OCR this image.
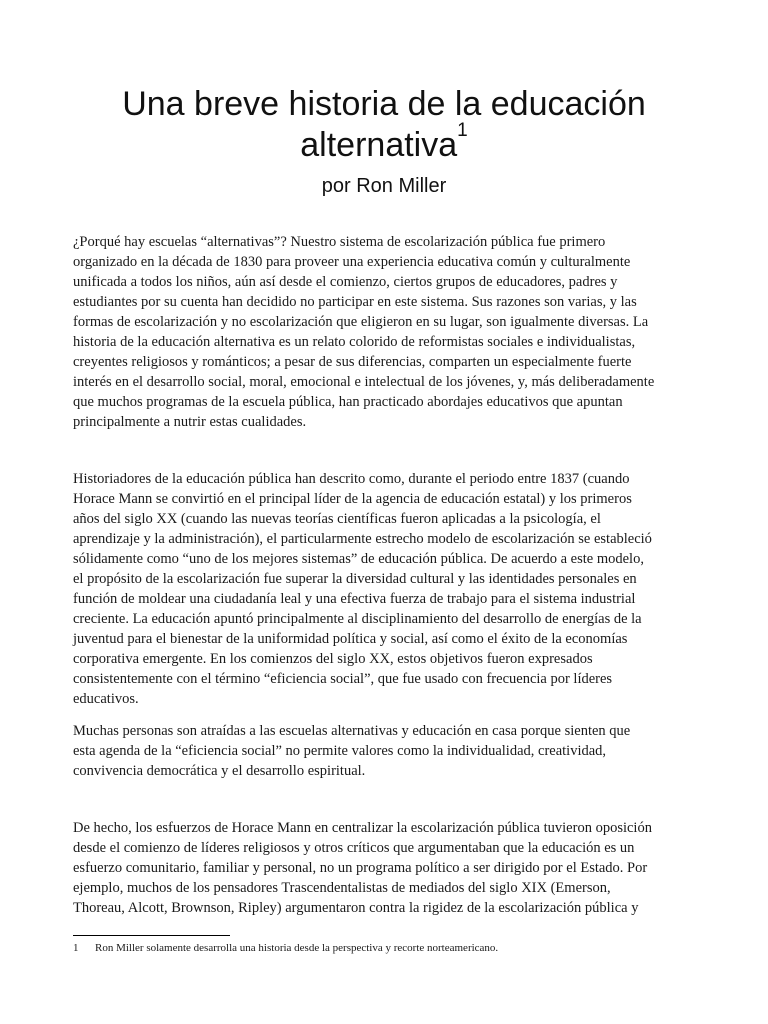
Una breve historia de la educación
alternativa$^1$

por Ron Miller

¿Porqué hay escuelas “alternativas”? Nuestro sistema de escolarización pública fue primero
organizado en la década de 1830 para proveer una experiencia educativa común y culturalmente
unificada a todos los niños, aún así desde el comienzo, ciertos grupos de educadores, padres y
estudiantes por su cuenta han decidido no participar en este sistema. Sus razones son varias, y las
formas de escolarización y no escolarización que eligieron en su lugar, son igualmente diversas. La
historia de la educación alternativa es un relato colorido de reformistas sociales e individualistas,
creyentes religiosos y románticos; a pesar de sus diferencias, comparten un especialmente fuerte
interés en el desarrollo social, moral, emocional e intelectual de los jóvenes, y, más deliberadamente
que muchos programas de la escuela pública, han practicado abordajes educativos que apuntan
principalmente a nutrir estas cualidades.

Historiadores de la educación pública han descrito como, durante el periodo entre 1837 (cuando
Horace Mann se convirtió en el principal líder de la agencia de educación estatal) y los primeros
años del siglo XX (cuando las nuevas teorías científicas fueron aplicadas a la psicología, el
aprendizaje y la administración), el particularmente estrecho modelo de escolarización se estableció
sólidamente como “uno de los mejores sistemas” de educación pública. De acuerdo a este modelo,
el propósito de la escolarización fue superar la diversidad cultural y las identidades personales en
función de moldear una ciudadanía leal y una efectiva fuerza de trabajo para el sistema industrial
creciente. La educación apuntó principalmente al disciplinamiento del desarrollo de energías de la
juventud para el bienestar de la uniformidad política y social, así como el éxito de la economías
corporativa emergente. En los comienzos del siglo XX, estos objetivos fueron expresados
consistentemente con el término “eficiencia social”, que fue usado con frecuencia por líderes
educativos.

Muchas personas son atraídas a las escuelas alternativas y educación en casa porque sienten que
esta agenda de la “eficiencia social” no permite valores como la individualidad, creatividad,
convivencia democrática y el desarrollo espiritual.

De hecho, los esfuerzos de Horace Mann en centralizar la escolarización pública tuvieron oposición
desde el comienzo de líderes religiosos y otros críticos que argumentaban que la educación es un
esfuerzo comunitario, familiar y personal, no un programa político a ser dirigido por el Estado. Por
ejemplo, muchos de los pensadores Trascendentalistas de mediados del siglo XIX (Emerson,
Thoreau, Alcott, Brownson, Ripley) argumentaron contra la rigidez de la escolarización pública y

1 Ron Miller solamente desarrolla una historia desde la perspectiva y recorte norteamericano.
